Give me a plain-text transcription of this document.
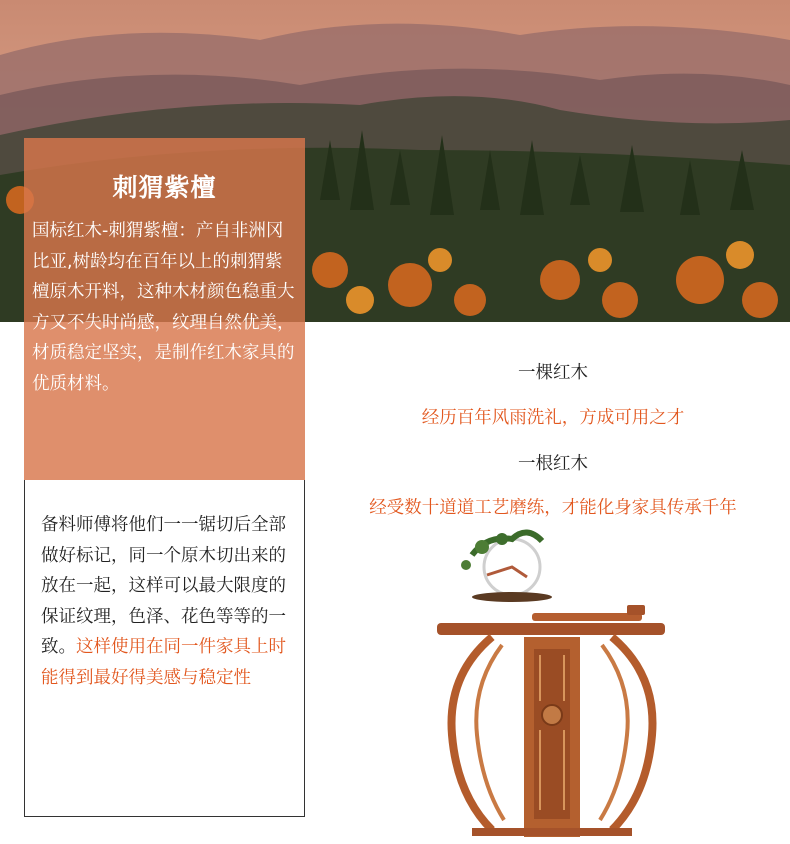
刺猬紫檀
国标红木-刺猬紫檀：产自非洲冈比亚,树龄均在百年以上的刺猬紫檀原木开料，这种木材颜色稳重大方又不失时尚感，纹理自然优美，材质稳定坚实，是制作红木家具的优质材料。
备料师傅将他们一一锯切后全部做好标记，同一个原木切出来的放在一起，这样可以最大限度的保证纹理，色泽、花色等等的一致。这样使用在同一件家具上时能得到最好得美感与稳定性
一棵红木
经历百年风雨洗礼，方成可用之才
一根红木
经受数十道道工艺磨练，才能化身家具传承千年
